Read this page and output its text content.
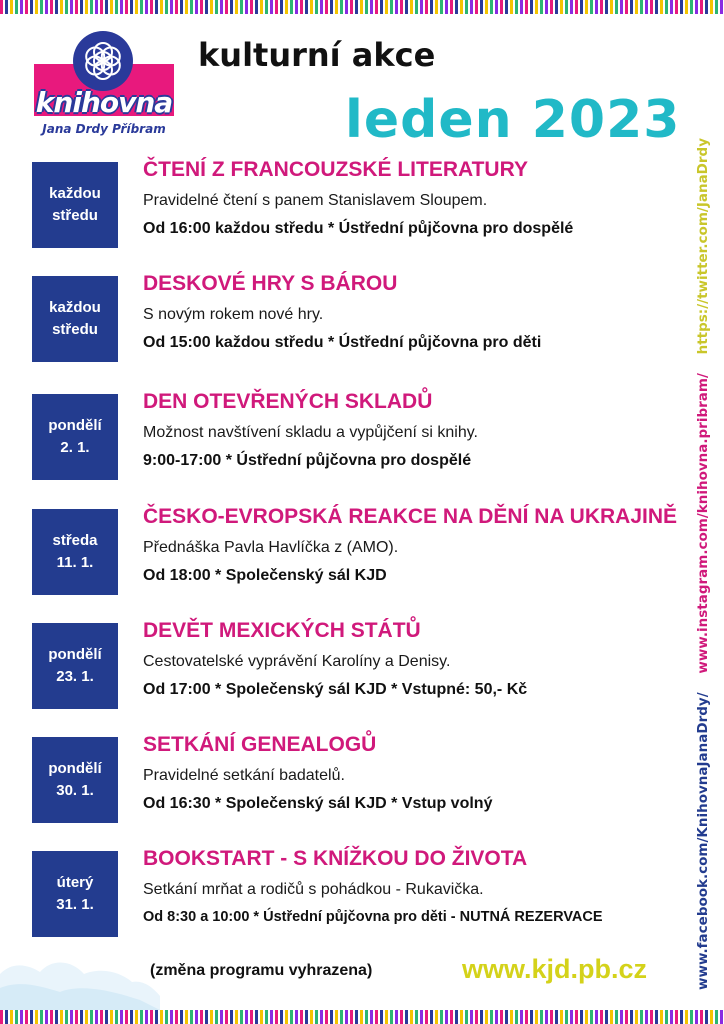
knihovna
Jana Drdy Příbram
kulturní akce
leden 2023
www.facebook.com/KnihovnaJanaDrdy/ www.instagram.com/knihovna.pribram/ https://twitter.com/JanaDrdy
každou
středu
ČTENÍ Z FRANCOUZSKÉ LITERATURY
Pravidelné čtení s panem Stanislavem Sloupem.
Od 16:00 každou středu * Ústřední půjčovna pro dospělé
každou
středu
DESKOVÉ HRY S BÁROU
S novým rokem nové hry.
Od 15:00 každou středu * Ústřední půjčovna pro děti
pondělí
2. 1.
DEN OTEVŘENÝCH SKLADŮ
Možnost navštívení skladu a vypůjčení si knihy.
9:00-17:00 * Ústřední půjčovna pro dospělé
středa
11. 1.
ČESKO-EVROPSKÁ REAKCE NA DĚNÍ NA UKRAJINĚ
Přednáška Pavla Havlíčka z (AMO).
Od 18:00 * Společenský sál KJD
pondělí
23. 1.
DEVĚT MEXICKÝCH STÁTŮ
Cestovatelské vyprávění Karolíny a Denisy.
Od 17:00 * Společenský sál KJD * Vstupné: 50,- Kč
pondělí
30. 1.
SETKÁNÍ GENEALOGŮ
Pravidelné setkání badatelů.
Od 16:30 * Společenský sál KJD * Vstup volný
úterý
31. 1.
BOOKSTART - S KNÍŽKOU DO ŽIVOTA
Setkání mrňat a rodičů s pohádkou - Rukavička.
Od 8:30 a 10:00 * Ústřední půjčovna pro děti - NUTNÁ REZERVACE
(změna programu vyhrazena)	www.kjd.pb.cz
